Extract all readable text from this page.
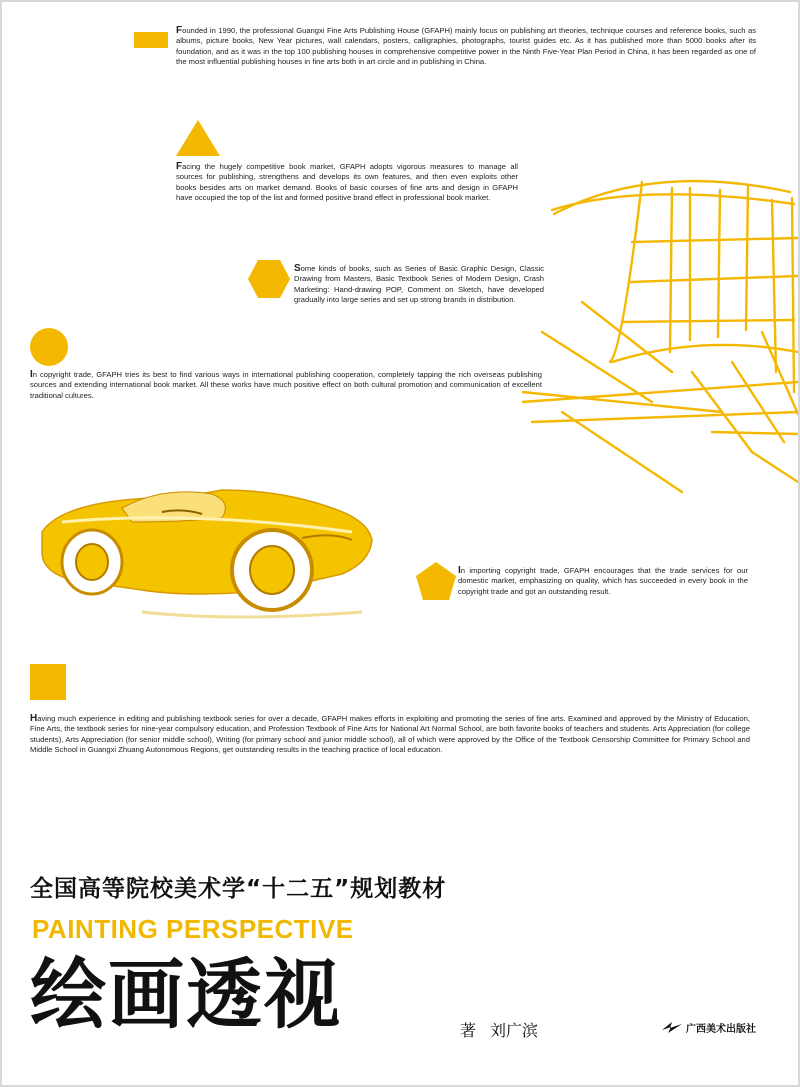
Founded in 1990, the professional Guangxi Fine Arts Publishing House (GFAPH) mainly focus on publishing art theories, technique courses and reference books, such as albums, picture books, New Year pictures, wall calendars, posters, calligraphies, photographs, tourist guides etc. As it has published more than 5000 books after its foundation, and as it was in the top 100 publishing houses in comprehensive competitive power in the Ninth Five-Year Plan Period in China, it has been regarded as one of the most influential publishing houses in fine arts both in art circle and in publishing in China.

Facing the hugely competitive book market, GFAPH adopts vigorous measures to manage all sources for publishing, strengthens and develops its own features, and then even exploits other books besides arts on market demand. Books of basic courses of fine arts and design in GFAPH have occupied the top of the list and formed positive brand effect in professional book market.

Some kinds of books, such as Series of Basic Graphic Design, Classic Drawing from Masters, Basic Textbook Series of Modern Design, Crash Marketing: Hand-drawing POP, Comment on Sketch, have developed gradually into large series and set up strong brands in distribution.

In copyright trade, GFAPH tries its best to find various ways in international publishing cooperation, completely tapping the rich overseas publishing sources and extending international book market. All these works have much positive effect on both cultural promotion and communication of excellent traditional cultures.

In importing copyright trade, GFAPH encourages that the trade services for our domestic market, emphasizing on quality, which has succeeded in every book in the copyright trade and got an outstanding result.

Having much experience in editing and publishing textbook series for over a decade, GFAPH makes efforts in exploiting and promoting the series of fine arts. Examined and approved by the Ministry of Education, Fine Arts, the textbook series for nine-year compulsory education, and Profession Textbook of Fine Arts for National Art Normal School, are both favorite books of teachers and students. Arts Appreciation (for college students), Arts Appreciation (for senior middle school), Writing (for primary school and junior middle school), all of which were approved by the Office of the Textbook Censorship Committee for Primary School and Middle School in Guangxi Zhuang Autonomous Regions, get outstanding results in the teaching practice of local education.

全国高等院校美术学“十二五”规划教材
PAINTING PERSPECTIVE
绘画透视	著 刘广滨	广西美术出版社
